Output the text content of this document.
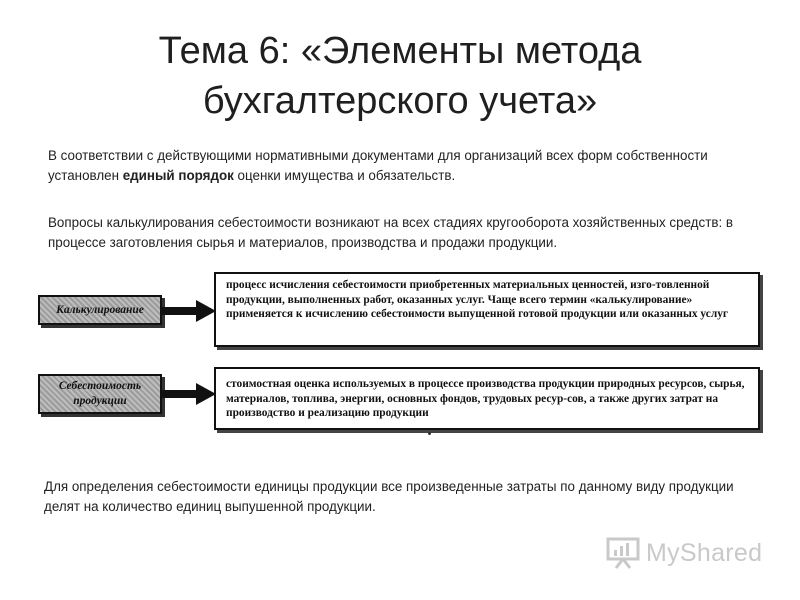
Тема 6: «Элементы метода
бухгалтерского учета»
В соответствии с действующими нормативными документами для организаций всех форм собственности установлен единый порядок оценки имущества и обязательств.
Вопросы калькулирования себестоимости возникают на всех стадиях кругооборота хозяйственных средств: в процессе заготовления сырья и материалов, производства и продажи продукции.
Калькулирование
процесс исчисления себестоимости приобретенных материальных ценностей, изго-товленной продукции, выполненных работ, оказанных услуг. Чаще всего термин «калькулирование» применяется к исчислению себестоимости выпущенной готовой продукции или оказанных услуг
Себестоимость продукции
стоимостная оценка используемых в процессе производства продукции природных ресурсов, сырья, материалов, топлива, энергии, основных фондов, трудовых ресур-сов, а также других затрат на производство и реализацию продукции
Для определения себестоимости единицы продукции все произведенные затраты по данному виду продукции делят на количество единиц выпушенной продукции.
MyShared
